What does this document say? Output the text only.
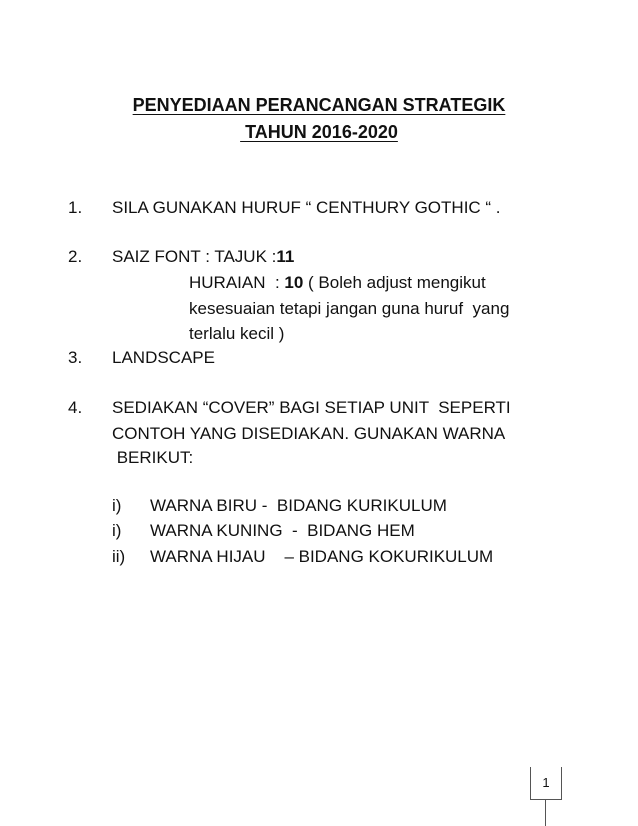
PENYEDIAAN PERANCANGAN STRATEGIK
TAHUN 2016-2020
1. SILA GUNAKAN HURUF “ CENTHURY GOTHIC “ .
2. SAIZ FONT : TAJUK :11
HURAIAN  : 10 ( Boleh adjust mengikut
kesesuaian tetapi jangan guna huruf  yang
terlalu kecil )
3. LANDSCAPE
4. SEDIAKAN “COVER” BAGI SETIAP UNIT  SEPERTI
CONTOH YANG DISEDIAKAN. GUNAKAN WARNA
BERIKUT:
i) WARNA BIRU -  BIDANG KURIKULUM
i) WARNA KUNING  -  BIDANG HEM
ii) WARNA HIJAU    – BIDANG KOKURIKULUM
1
